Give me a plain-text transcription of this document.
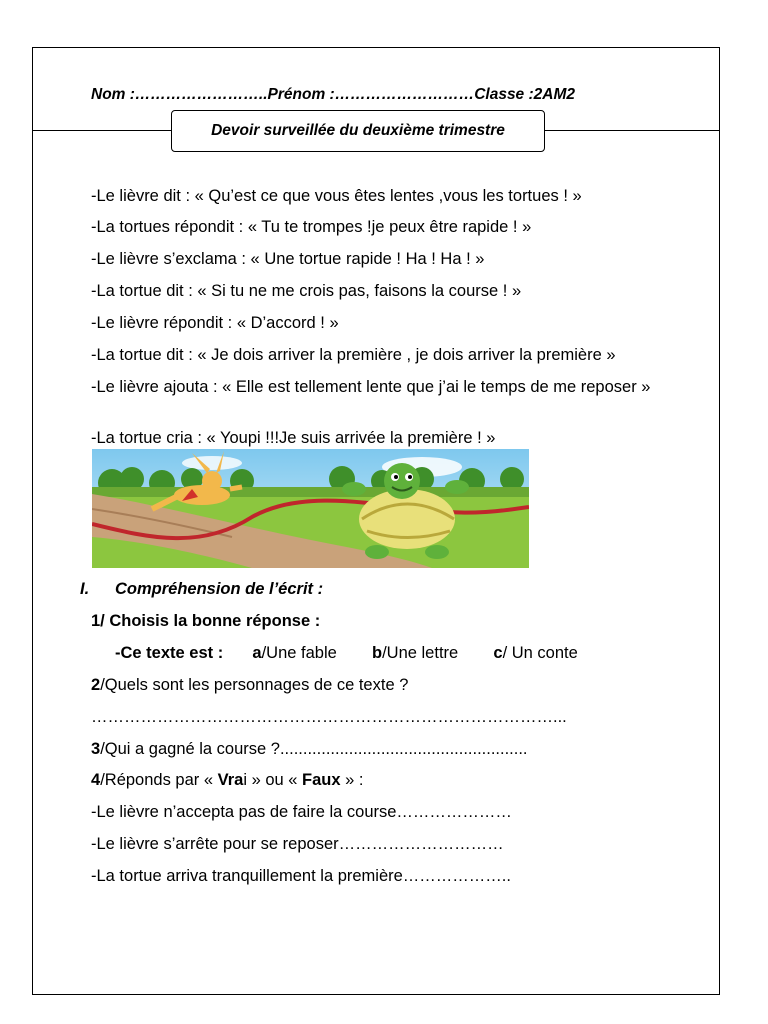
Nom :……………………..Prénom :………………………Classe :2AM2
Devoir surveillée du deuxième trimestre
-Le lièvre dit : « Qu’est ce que vous êtes lentes ,vous les tortues ! »
-La tortues répondit : « Tu te trompes !je peux être rapide ! »
-Le lièvre s’exclama : « Une tortue rapide ! Ha ! Ha ! »
-La tortue dit : « Si tu ne me crois pas, faisons la course ! »
-Le lièvre répondit : « D’accord ! »
-La tortue dit : « Je dois arriver la première , je dois arriver la première »
-Le lièvre ajouta : « Elle est tellement lente que j’ai le temps de me reposer »
-La tortue cria : « Youpi !!!Je suis arrivée la première ! »
I. Compréhension de l’écrit :
1/ Choisis la bonne réponse :
-Ce texte est : a/Une fable b/Une lettre c/ Un conte
2/Quels sont les personnages de ce texte ?
…………………………………………………………………………...
3/Qui a gagné la course ?......................................................
4/Réponds par « Vrai » ou « Faux » :
-Le lièvre n’accepta pas de faire la course…………………
-Le lièvre s’arrête pour se reposer…………………………
-La tortue arriva tranquillement la première………………..
